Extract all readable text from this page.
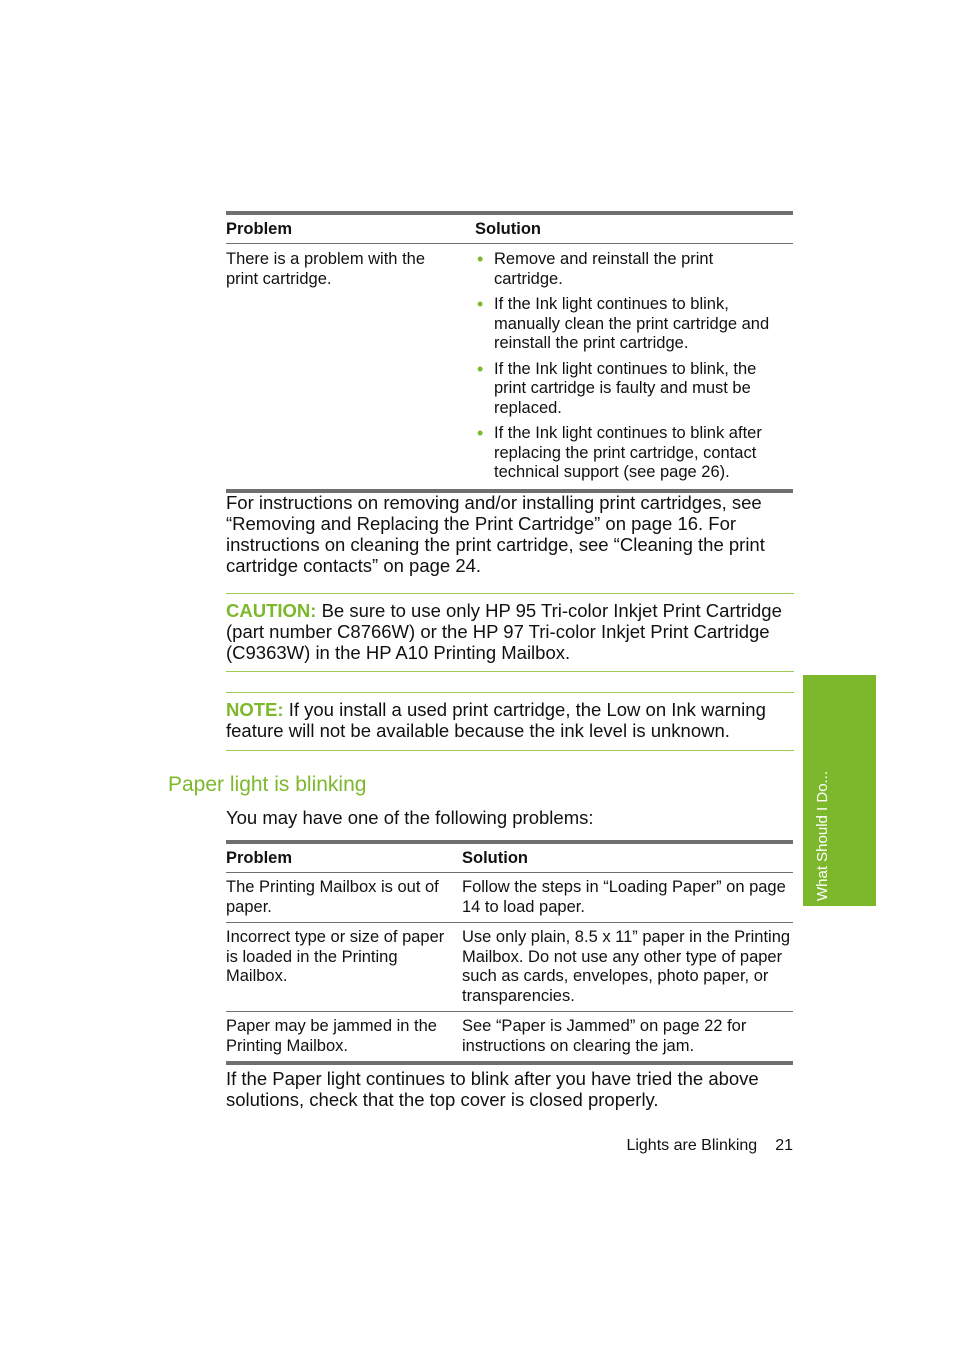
Problem	Solution
There is a problem with the print cartridge.
• Remove and reinstall the print cartridge.
• If the Ink light continues to blink, manually clean the print cartridge and reinstall the print cartridge.
• If the Ink light continues to blink, the print cartridge is faulty and must be replaced.
• If the Ink light continues to blink after replacing the print cartridge, contact technical support (see page 26).
For instructions on removing and/or installing print cartridges, see “Removing and Replacing the Print Cartridge” on page 16. For instructions on cleaning the print cartridge, see “Cleaning the print cartridge contacts” on page 24.
CAUTION: Be sure to use only HP 95 Tri-color Inkjet Print Cartridge (part number C8766W) or the HP 97 Tri-color Inkjet Print Cartridge (C9363W) in the HP A10 Printing Mailbox.
NOTE: If you install a used print cartridge, the Low on Ink warning feature will not be available because the ink level is unknown.
Paper light is blinking
You may have one of the following problems:
Problem	Solution
The Printing Mailbox is out of paper.
Follow the steps in “Loading Paper” on page 14 to load paper.
Incorrect type or size of paper is loaded in the Printing Mailbox.
Use only plain, 8.5 x 11” paper in the Printing Mailbox. Do not use any other type of paper such as cards, envelopes, photo paper, or transparencies.
Paper may be jammed in the Printing Mailbox.
See “Paper is Jammed” on page 22 for instructions on clearing the jam.
If the Paper light continues to blink after you have tried the above solutions, check that the top cover is closed properly.
What Should I Do...
Lights are Blinking 21
